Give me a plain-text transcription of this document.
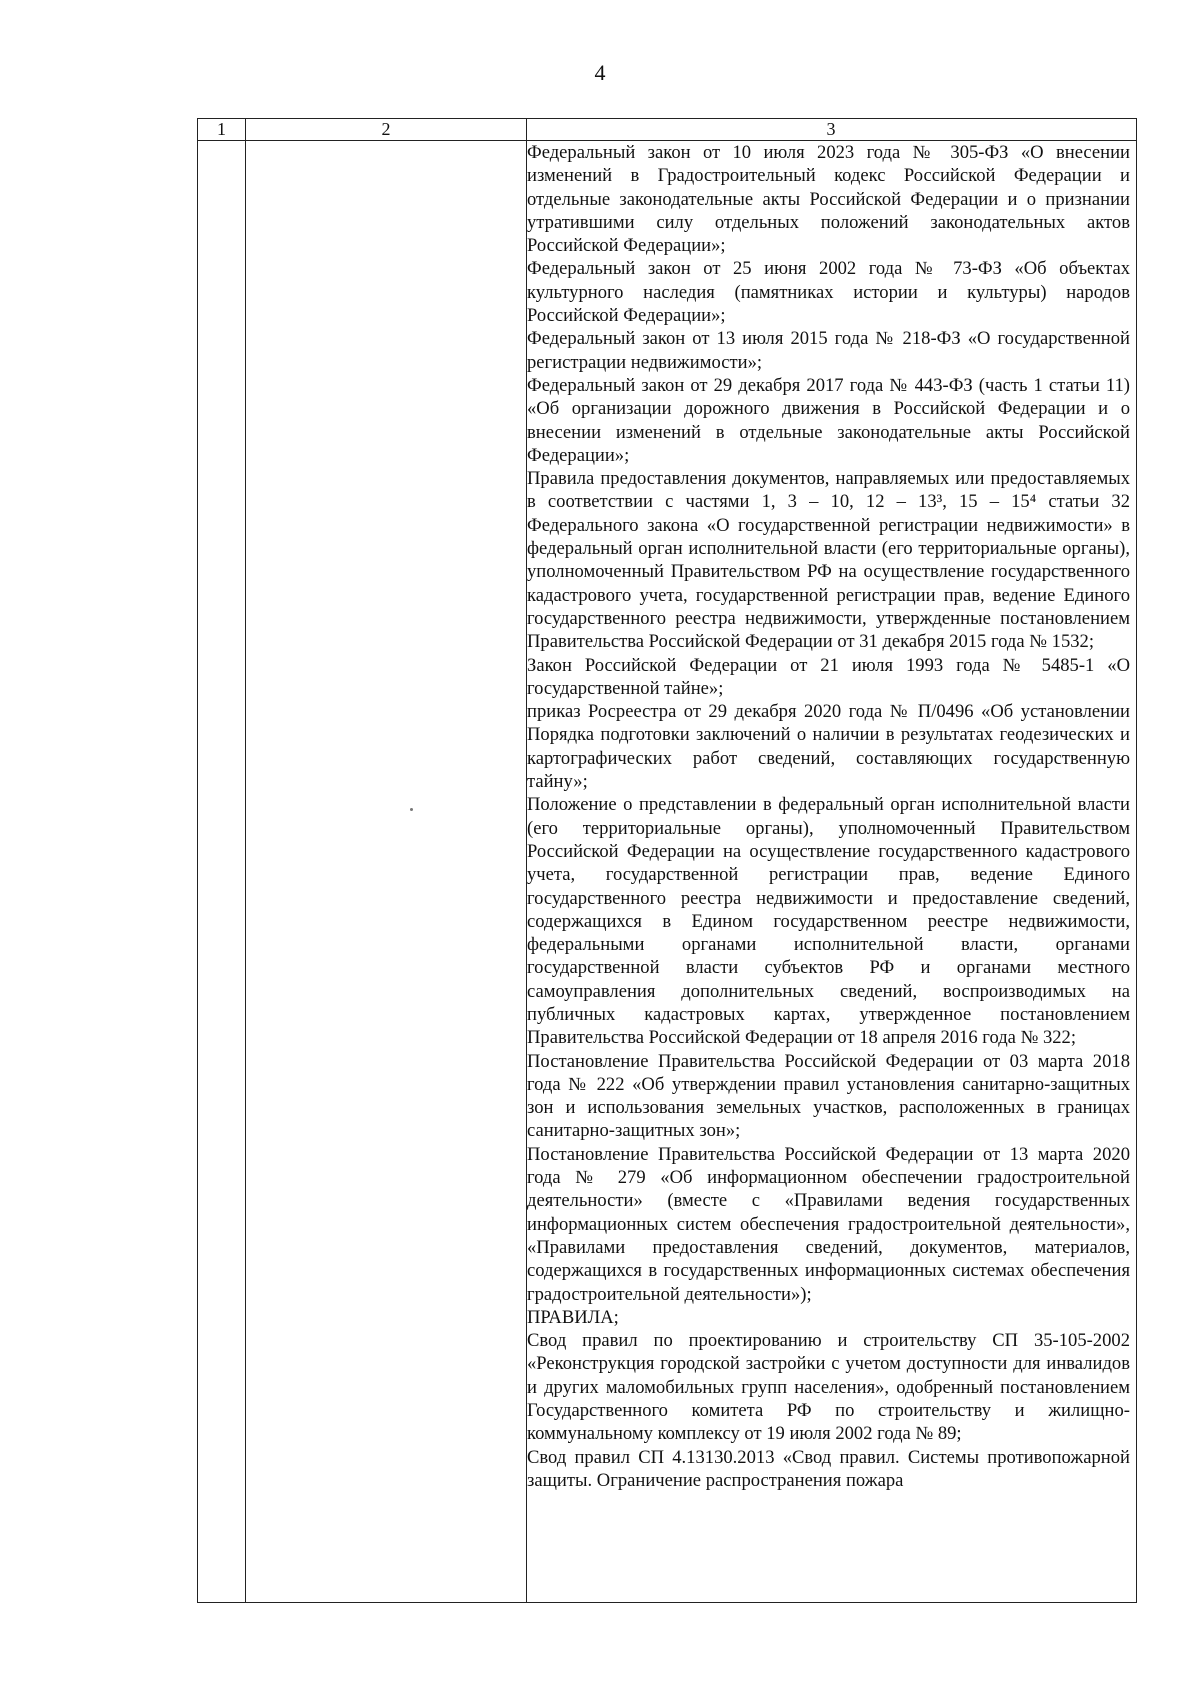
4
1	2	3

Федеральный закон от 10 июля 2023 года № 305-ФЗ «О внесении изменений в Градостроительный кодекс Российской Федерации и отдельные законодательные акты Российской Федерации и о признании утратившими силу отдельных положений законодательных актов Российской Федерации»;

Федеральный закон от 25 июня 2002 года № 73-ФЗ «Об объектах культурного наследия (памятниках истории и культуры) народов Российской Федерации»;

Федеральный закон от 13 июля 2015 года № 218-ФЗ «О государственной регистрации недвижимости»;

Федеральный закон от 29 декабря 2017 года № 443-ФЗ (часть 1 статьи 11) «Об организации дорожного движения в Российской Федерации и о внесении изменений в отдельные законодательные акты Российской Федерации»;

Правила предоставления документов, направляемых или предоставляемых в соответствии с частями 1, 3 – 10, 12 – 13³, 15 – 15⁴ статьи 32 Федерального закона «О государственной регистрации недвижимости» в федеральный орган исполнительной власти (его территориальные органы), уполномоченный Правительством РФ на осуществление государственного кадастрового учета, государственной регистрации прав, ведение Единого государственного реестра недвижимости, утвержденные постановлением Правительства Российской Федерации от 31 декабря 2015 года № 1532;

Закон Российской Федерации от 21 июля 1993 года № 5485-1 «О государственной тайне»;

приказ Росреестра от 29 декабря 2020 года № П/0496 «Об установлении Порядка подготовки заключений о наличии в результатах геодезических и картографических работ сведений, составляющих государственную тайну»;

Положение о представлении в федеральный орган исполнительной власти (его территориальные органы), уполномоченный Правительством Российской Федерации на осуществление государственного кадастрового учета, государственной регистрации прав, ведение Единого государственного реестра недвижимости и предоставление сведений, содержащихся в Едином государственном реестре недвижимости, федеральными органами исполнительной власти, органами государственной власти субъектов РФ и органами местного самоуправления дополнительных сведений, воспроизводимых на публичных кадастровых картах, утвержденное постановлением Правительства Российской Федерации от 18 апреля 2016 года № 322;

Постановление Правительства Российской Федерации от 03 марта 2018 года № 222 «Об утверждении правил установления санитарно-защитных зон и использования земельных участков, расположенных в границах санитарно-защитных зон»;

Постановление Правительства Российской Федерации от 13 марта 2020 года № 279 «Об информационном обеспечении градостроительной деятельности» (вместе с «Правилами ведения государственных информационных систем обеспечения градостроительной деятельности», «Правилами предоставления сведений, документов, материалов, содержащихся в государственных информационных системах обеспечения градостроительной деятельности»);

ПРАВИЛА;

Свод правил по проектированию и строительству СП 35-105-2002 «Реконструкция городской застройки с учетом доступности для инвалидов и других маломобильных групп населения», одобренный постановлением Государственного комитета РФ по строительству и жилищно-коммунальному комплексу от 19 июля 2002 года № 89;

Свод правил СП 4.13130.2013 «Свод правил. Системы противопожарной защиты. Ограничение распространения пожара
